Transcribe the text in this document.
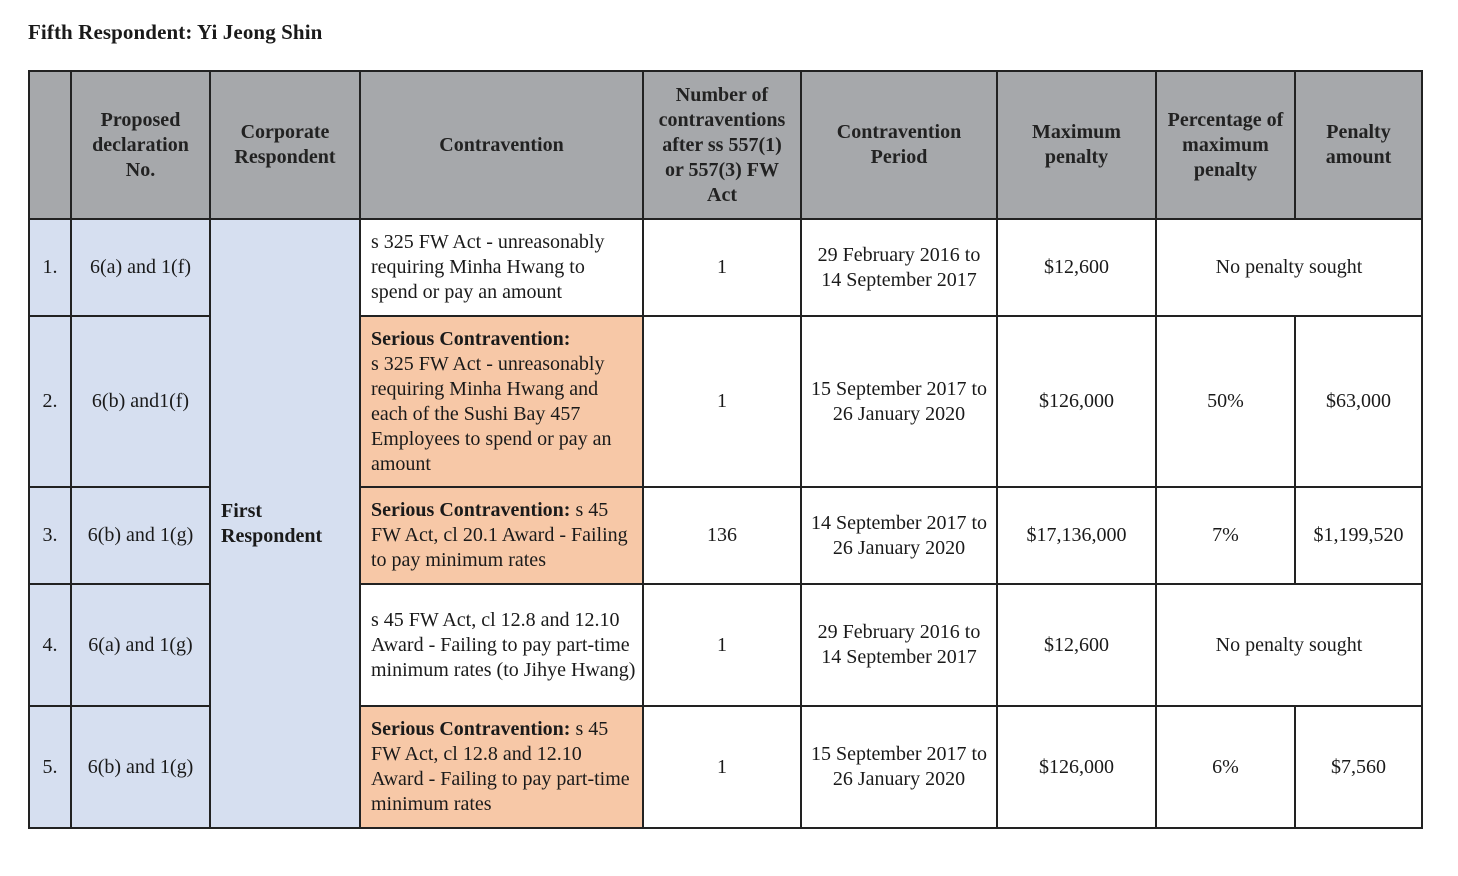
Fifth Respondent: Yi Jeong Shin
	Proposed declaration No.	Corporate Respondent	Contravention	Number of contraventions after ss 557(1) or 557(3) FW Act	Contravention Period	Maximum penalty	Percentage of maximum penalty	Penalty amount
1.	6(a) and 1(f)	First Respondent	s 325 FW Act - unreasonably requiring Minha Hwang to spend or pay an amount	1	29 February 2016 to 14 September 2017	$12,600	No penalty sought	
2.	6(b) and1(f)		Serious Contravention:
s 325 FW Act - unreasonably requiring Minha Hwang and each of the Sushi Bay 457 Employees to spend or pay an amount	1	15 September 2017 to 26 January 2020	$126,000	50%	$63,000
3.	6(b) and 1(g)		Serious Contravention: s 45 FW Act, cl 20.1 Award - Failing to pay minimum rates	136	14 September 2017 to 26 January 2020	$17,136,000	7%	$1,199,520
4.	6(a) and 1(g)		s 45 FW Act, cl 12.8 and 12.10 Award - Failing to pay part-time minimum rates (to Jihye Hwang)	1	29 February 2016 to 14 September 2017	$12,600	No penalty sought	
5.	6(b) and 1(g)		Serious Contravention: s 45 FW Act, cl 12.8 and 12.10 Award - Failing to pay part-time minimum rates	1	15 September 2017 to 26 January 2020	$126,000	6%	$7,560
